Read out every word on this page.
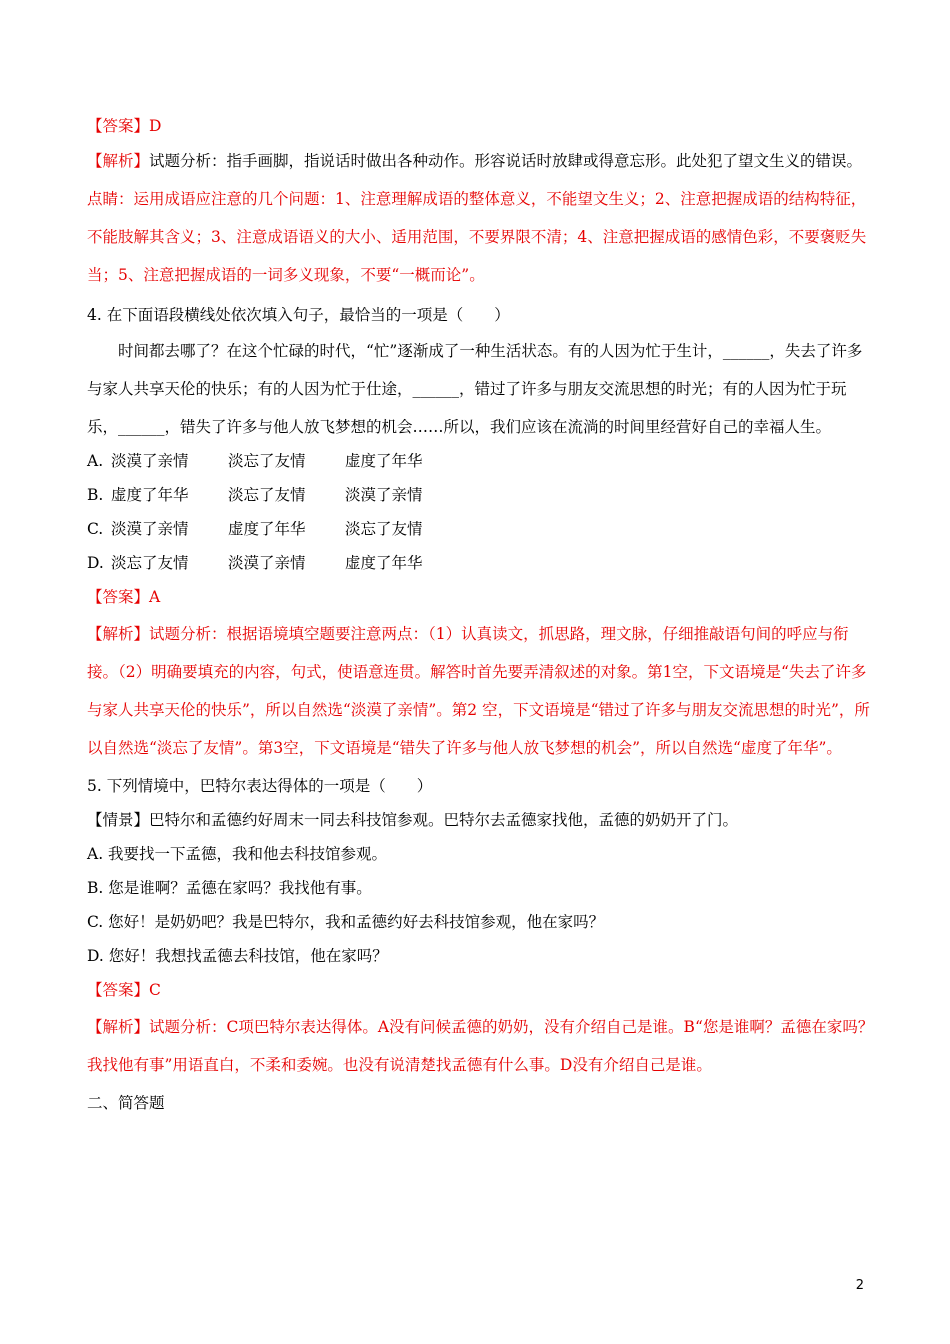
【答案】D

【解析】试题分析：指手画脚，指说话时做出各种动作。形容说话时放肆或得意忘形。此处犯了望文生义的错误。

点睛：运用成语应注意的几个问题：1、注意理解成语的整体意义，不能望文生义；2、注意把握成语的结构特征，不能肢解其含义；3、注意成语语义的大小、适用范围，不要界限不清；4、注意把握成语的感情色彩，不要褒贬失当；5、注意把握成语的一词多义现象，不要“一概而论”。

4. 在下面语段横线处依次填入句子，最恰当的一项是（　　）

时间都去哪了？在这个忙碌的时代，“忙”逐渐成了一种生活状态。有的人因为忙于生计，______，失去了许多与家人共享天伦的快乐；有的人因为忙于仕途，______，错过了许多与朋友交流思想的时光；有的人因为忙于玩乐，______，错失了许多与他人放飞梦想的机会……所以，我们应该在流淌的时间里经营好自己的幸福人生。

A. 淡漠了亲情	淡忘了友情	虚度了年华
B. 虚度了年华	淡忘了友情	淡漠了亲情
C. 淡漠了亲情	虚度了年华	淡忘了友情
D. 淡忘了友情	淡漠了亲情	虚度了年华

【答案】A

【解析】试题分析：根据语境填空题要注意两点：（1）认真读文，抓思路，理文脉，仔细推敲语句间的呼应与衔接。（2）明确要填充的内容，句式，使语意连贯。解答时首先要弄清叙述的对象。第1空，下文语境是“失去了许多与家人共享天伦的快乐”，所以自然选“淡漠了亲情”。第2 空，下文语境是“错过了许多与朋友交流思想的时光”，所以自然选“淡忘了友情”。第3空，下文语境是“错失了许多与他人放飞梦想的机会”，所以自然选“虚度了年华”。

5. 下列情境中，巴特尔表达得体的一项是（　　）

【情景】巴特尔和孟德约好周末一同去科技馆参观。巴特尔去孟德家找他，孟德的奶奶开了门。

A. 我要找一下孟德，我和他去科技馆参观。

B. 您是谁啊？孟德在家吗？我找他有事。

C. 您好！是奶奶吧？我是巴特尔，我和孟德约好去科技馆参观，他在家吗？

D. 您好！我想找孟德去科技馆，他在家吗？

【答案】C

【解析】试题分析：C项巴特尔表达得体。A没有问候孟德的奶奶，没有介绍自己是谁。B“您是谁啊？孟德在家吗？我找他有事”用语直白，不柔和委婉。也没有说清楚找孟德有什么事。D没有介绍自己是谁。

二、简答题

2
